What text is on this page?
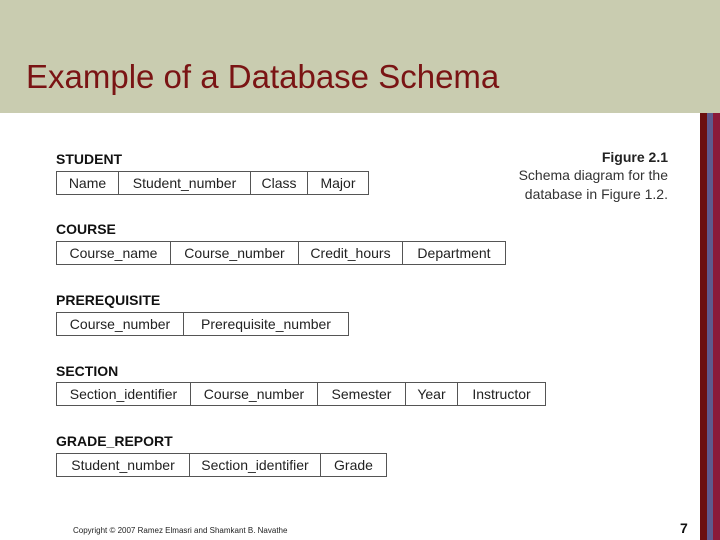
Example of a Database Schema
Figure 2.1
Schema diagram for the
database in Figure 1.2.
STUDENT
Name	Student_number	Class	Major
COURSE
Course_name	Course_number	Credit_hours	Department
PREREQUISITE
Course_number	Prerequisite_number
SECTION
Section_identifier	Course_number	Semester	Year	Instructor
GRADE_REPORT
Student_number	Section_identifier	Grade
Copyright © 2007 Ramez Elmasri and Shamkant B. Navathe	7
